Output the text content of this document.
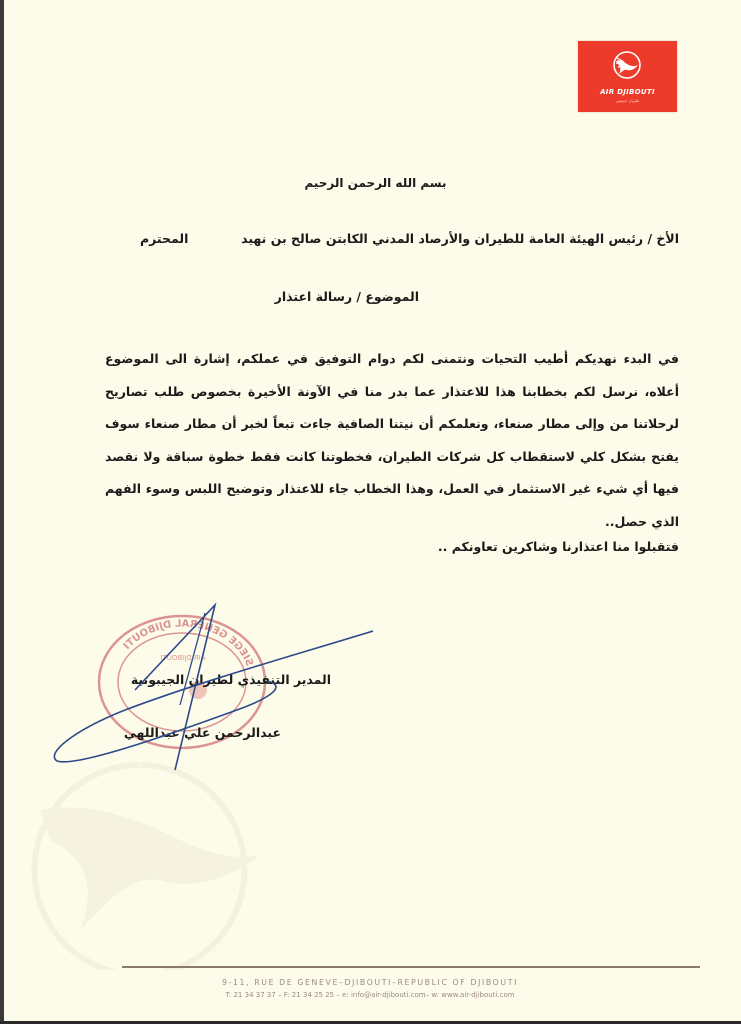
AIR DJIBOUTI
طيران جيبوتي
بسم الله الرحمن الرحيم
الأخ / رئيس الهيئة العامة للطيران والأرصاد المدني الكابتن صالح بن نهيد
المحترم
الموضوع / رسالة اعتذار
في البدء نهديكم أطيب التحيات ونتمنى لكم دوام التوفيق في عملكم، إشارة الى الموضوع أعلاه، نرسل لكم بخطابنا هذا للاعتذار عما بدر منا في الآونة الأخيرة بخصوص طلب تصاريح لرحلاتنا من وإلى مطار صنعاء، ونعلمكم أن نيتنا الصافية جاءت تبعاً لخبر أن مطار صنعاء سوف يفتح بشكل كلي لاستقطاب كل شركات الطيران، فخطوتنا كانت فقط خطوة سباقة ولا نقصد فيها أي شيء غير الاستثمار في العمل، وهذا الخطاب جاء للاعتذار وتوضيح اللبس وسوء الفهم الذي حصل..
فتقبلوا منا اعتذارنا وشاكرين تعاونكم ..
SIEGE GENERAL DJIBOUTI
AIR DJIBOUTI
المدير التنفيذي لطيران الجيبوتية
عبدالرحمن علي عبداللهي
9-11, RUE DE GENEVE–DJIBOUTI–REPUBLIC OF DJIBOUTI
T: 21 34 37 37 – F: 21 34 25 25 – e: info@air-djibouti.com– w: www.air-djibouti.com
